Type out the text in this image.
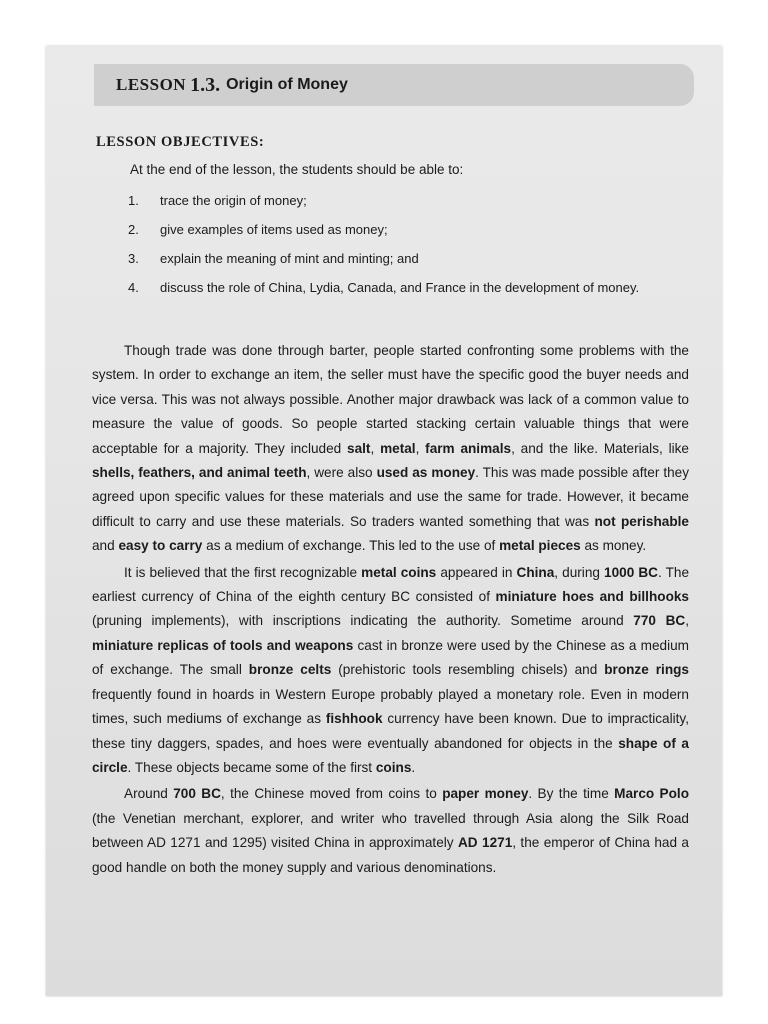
LESSON 1.3. Origin of Money
LESSON OBJECTIVES:
At the end of the lesson, the students should be able to:
1.	trace the origin of money;
2.	give examples of items used as money;
3.	explain the meaning of mint and minting; and
4.	discuss the role of China, Lydia, Canada, and France in the development of money.

Though trade was done through barter, people started confronting some problems with the system. In order to exchange an item, the seller must have the specific good the buyer needs and vice versa. This was not always possible. Another major drawback was lack of a common value to measure the value of goods. So people started stacking certain valuable things that were acceptable for a majority. They included salt, metal, farm animals, and the like. Materials, like shells, feathers, and animal teeth, were also used as money. This was made possible after they agreed upon specific values for these materials and use the same for trade. However, it became difficult to carry and use these materials. So traders wanted something that was not perishable and easy to carry as a medium of exchange. This led to the use of metal pieces as money.

It is believed that the first recognizable metal coins appeared in China, during 1000 BC. The earliest currency of China of the eighth century BC consisted of miniature hoes and billhooks (pruning implements), with inscriptions indicating the authority. Sometime around 770 BC, miniature replicas of tools and weapons cast in bronze were used by the Chinese as a medium of exchange. The small bronze celts (prehistoric tools resembling chisels) and bronze rings frequently found in hoards in Western Europe probably played a monetary role. Even in modern times, such mediums of exchange as fishhook currency have been known. Due to impracticality, these tiny daggers, spades, and hoes were eventually abandoned for objects in the shape of a circle. These objects became some of the first coins.

Around 700 BC, the Chinese moved from coins to paper money. By the time Marco Polo (the Venetian merchant, explorer, and writer who travelled through Asia along the Silk Road between AD 1271 and 1295) visited China in approximately AD 1271, the emperor of China had a good handle on both the money supply and various denominations.
